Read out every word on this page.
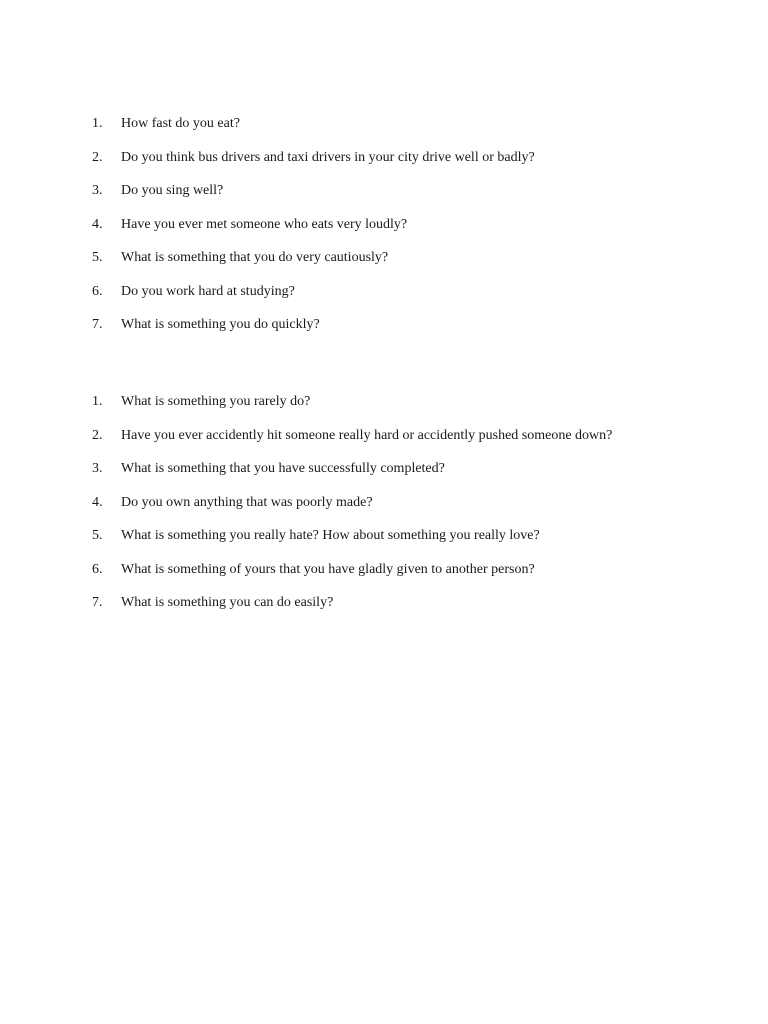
1.	How fast do you eat?
2.	Do you think bus drivers and taxi drivers in your city drive well or badly?
3.	Do you sing well?
4.	Have you ever met someone who eats very loudly?
5.	What is something that you do very cautiously?
6.	Do you work hard at studying?
7.	What is something you do quickly?
1.	What is something you rarely do?
2.	Have you ever accidently hit someone really hard or accidently pushed someone down?
3.	What is something that you have successfully completed?
4.	Do you own anything that was poorly made?
5.	What is something you really hate? How about something you really love?
6.	What is something of yours that you have gladly given to another person?
7.	What is something you can do easily?
